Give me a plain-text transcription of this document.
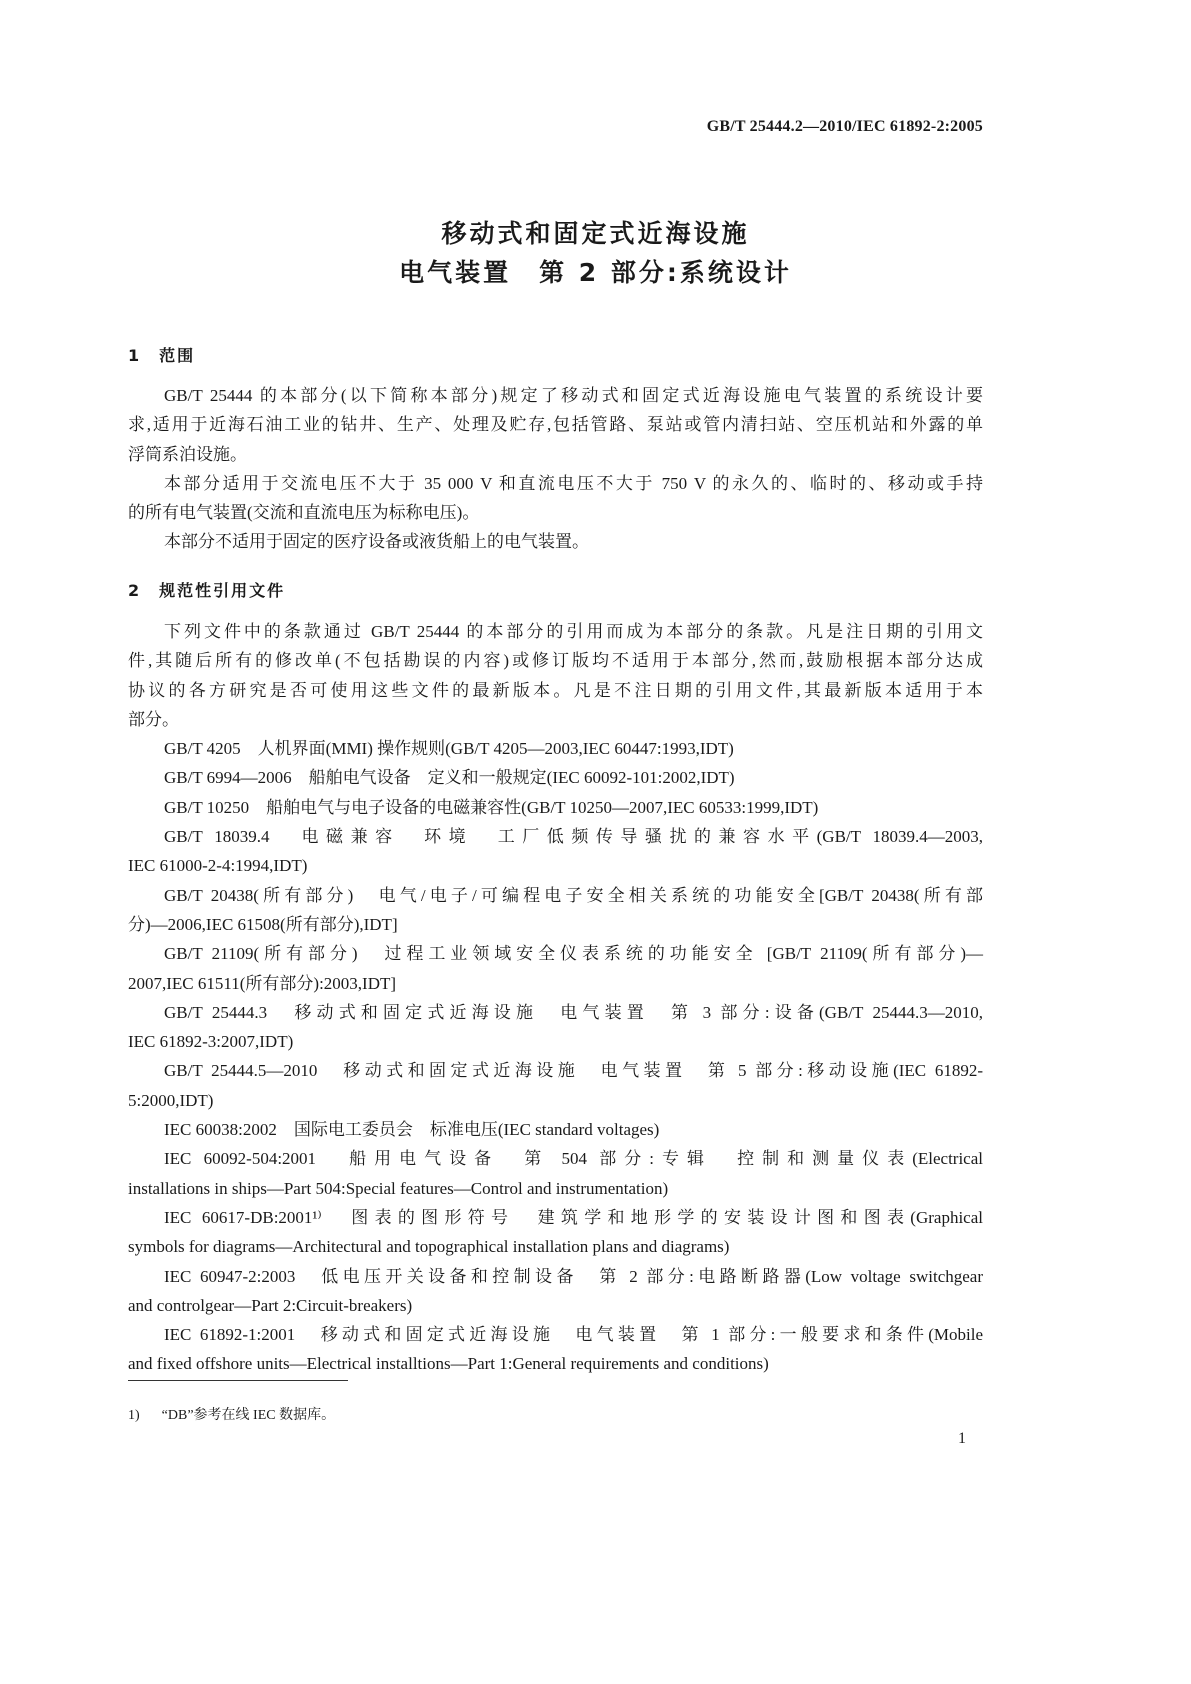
GB/T 25444.2—2010/IEC 61892-2:2005
移动式和固定式近海设施
电气装置　第 2 部分:系统设计
1　范围
GB/T 25444 的本部分(以下简称本部分)规定了移动式和固定式近海设施电气装置的系统设计要
求,适用于近海石油工业的钻井、生产、处理及贮存,包括管路、泵站或管内清扫站、空压机站和外露的单
浮筒系泊设施。
本部分适用于交流电压不大于 35 000 V 和直流电压不大于 750 V 的永久的、临时的、移动或手持
的所有电气装置(交流和直流电压为标称电压)。
本部分不适用于固定的医疗设备或液货船上的电气装置。
2　规范性引用文件
下列文件中的条款通过 GB/T 25444 的本部分的引用而成为本部分的条款。凡是注日期的引用文
件,其随后所有的修改单(不包括勘误的内容)或修订版均不适用于本部分,然而,鼓励根据本部分达成
协议的各方研究是否可使用这些文件的最新版本。凡是不注日期的引用文件,其最新版本适用于本
部分。
GB/T 4205　人机界面(MMI) 操作规则(GB/T 4205—2003,IEC 60447:1993,IDT)
GB/T 6994—2006　船舶电气设备　定义和一般规定(IEC 60092-101:2002,IDT)
GB/T 10250　船舶电气与电子设备的电磁兼容性(GB/T 10250—2007,IEC 60533:1999,IDT)
GB/T 18039.4　电磁兼容　环境　工厂低频传导骚扰的兼容水平(GB/T 18039.4—2003,
IEC 61000-2-4:1994,IDT)
GB/T 20438(所有部分)　电气/电子/可编程电子安全相关系统的功能安全[GB/T 20438(所有部
分)—2006,IEC 61508(所有部分),IDT]
GB/T 21109(所有部分)　过程工业领域安全仪表系统的功能安全 [GB/T 21109(所有部分)—
2007,IEC 61511(所有部分):2003,IDT]
GB/T 25444.3　移动式和固定式近海设施　电气装置　第 3 部分:设备(GB/T 25444.3—2010,
IEC 61892-3:2007,IDT)
GB/T 25444.5—2010　移动式和固定式近海设施　电气装置　第 5 部分:移动设施(IEC 61892-
5:2000,IDT)
IEC 60038:2002　国际电工委员会　标准电压(IEC standard voltages)
IEC 60092-504:2001　船用电气设备　第 504 部分:专辑　控制和测量仪表(Electrical
installations in ships—Part 504:Special features—Control and instrumentation)
IEC 60617-DB:2001¹⁾　图表的图形符号　建筑学和地形学的安装设计图和图表(Graphical
symbols for diagrams—Architectural and topographical installation plans and diagrams)
IEC 60947-2:2003　低电压开关设备和控制设备　第 2 部分:电路断路器(Low voltage switchgear
and controlgear—Part 2:Circuit-breakers)
IEC 61892-1:2001　移动式和固定式近海设施　电气装置　第 1 部分:一般要求和条件(Mobile
and fixed offshore units—Electrical installtions—Part 1:General requirements and conditions)
1) “DB”参考在线 IEC 数据库。
1
